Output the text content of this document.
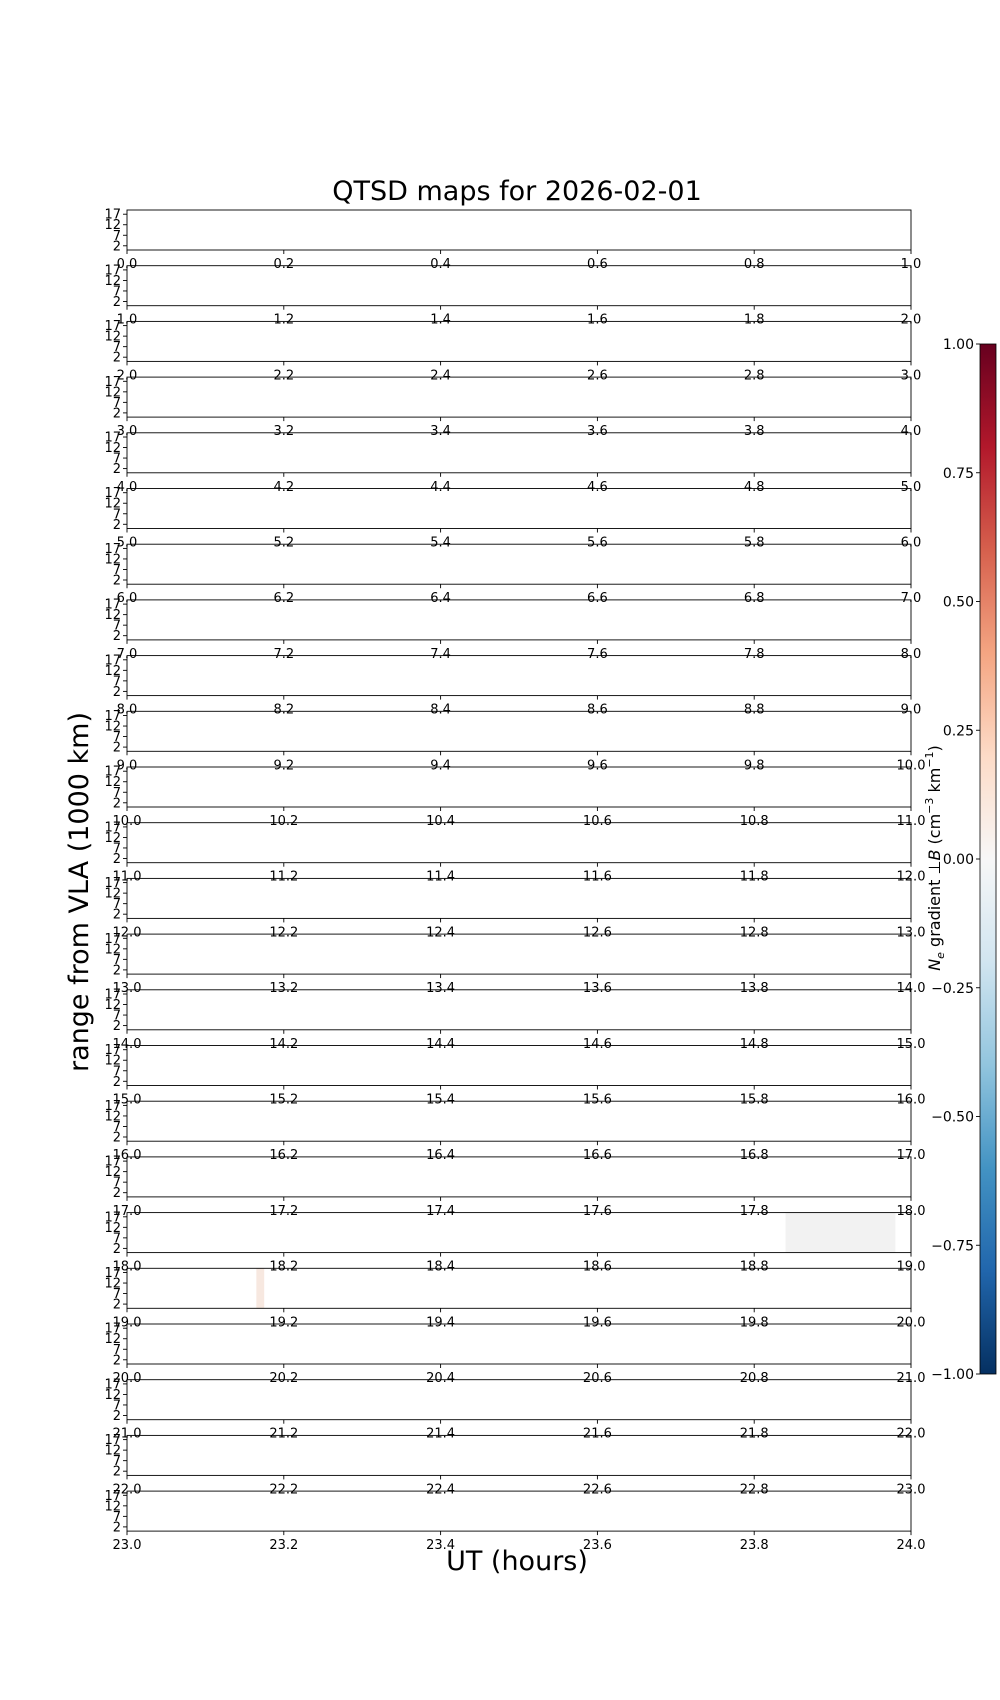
QTSD maps for 2026-02-01
17
12
7
2
0.0	0.2	0.4	0.6	0.8	1.0
17
12
7
2
1.0	1.2	1.4	1.6	1.8	2.0
17
12
7
2
2.0	2.2	2.4	2.6	2.8	3.0
17
12
7
2
3.0	3.2	3.4	3.6	3.8	4.0
17
12
7
2
4.0	4.2	4.4	4.6	4.8	5.0
17
12
7
2
5.0	5.2	5.4	5.6	5.8	6.0
17
12
7
2
6.0	6.2	6.4	6.6	6.8	7.0
17
12
7
2
7.0	7.2	7.4	7.6	7.8	8.0
17
12
7
2
8.0	8.2	8.4	8.6	8.8	9.0
17
12
7
2
9.0	9.2	9.4	9.6	9.8	10.0
17
12
7
2
10.0	10.2	10.4	10.6	10.8	11.0
17
12
7
2
11.0	11.2	11.4	11.6	11.8	12.0
17
12
7
2
12.0	12.2	12.4	12.6	12.8	13.0
17
12
7
2
13.0	13.2	13.4	13.6	13.8	14.0
17
12
7
2
14.0	14.2	14.4	14.6	14.8	15.0
17
12
7
2
15.0	15.2	15.4	15.6	15.8	16.0
17
12
7
2
16.0	16.2	16.4	16.6	16.8	17.0
17
12
7
2
17.0	17.2	17.4	17.6	17.8	18.0
17
12
7
2
18.0	18.2	18.4	18.6	18.8	19.0
17
12
7
2
19.0	19.2	19.4	19.6	19.8	20.0
17
12
7
2
20.0	20.2	20.4	20.6	20.8	21.0
17
12
7
2
21.0	21.2	21.4	21.6	21.8	22.0
17
12
7
2
22.0	22.2	22.4	22.6	22.8	23.0
17
12
7
2
23.0	23.2	23.4	23.6	23.8	24.0
UT (hours)
range from VLA (1000 km)
1.00
0.75
0.50
0.25
0.00
−0.25
−0.50
−0.75
−1.00
$N_e$ gradient ⊥B ($cm^{-3}$ $km^{-1}$)
